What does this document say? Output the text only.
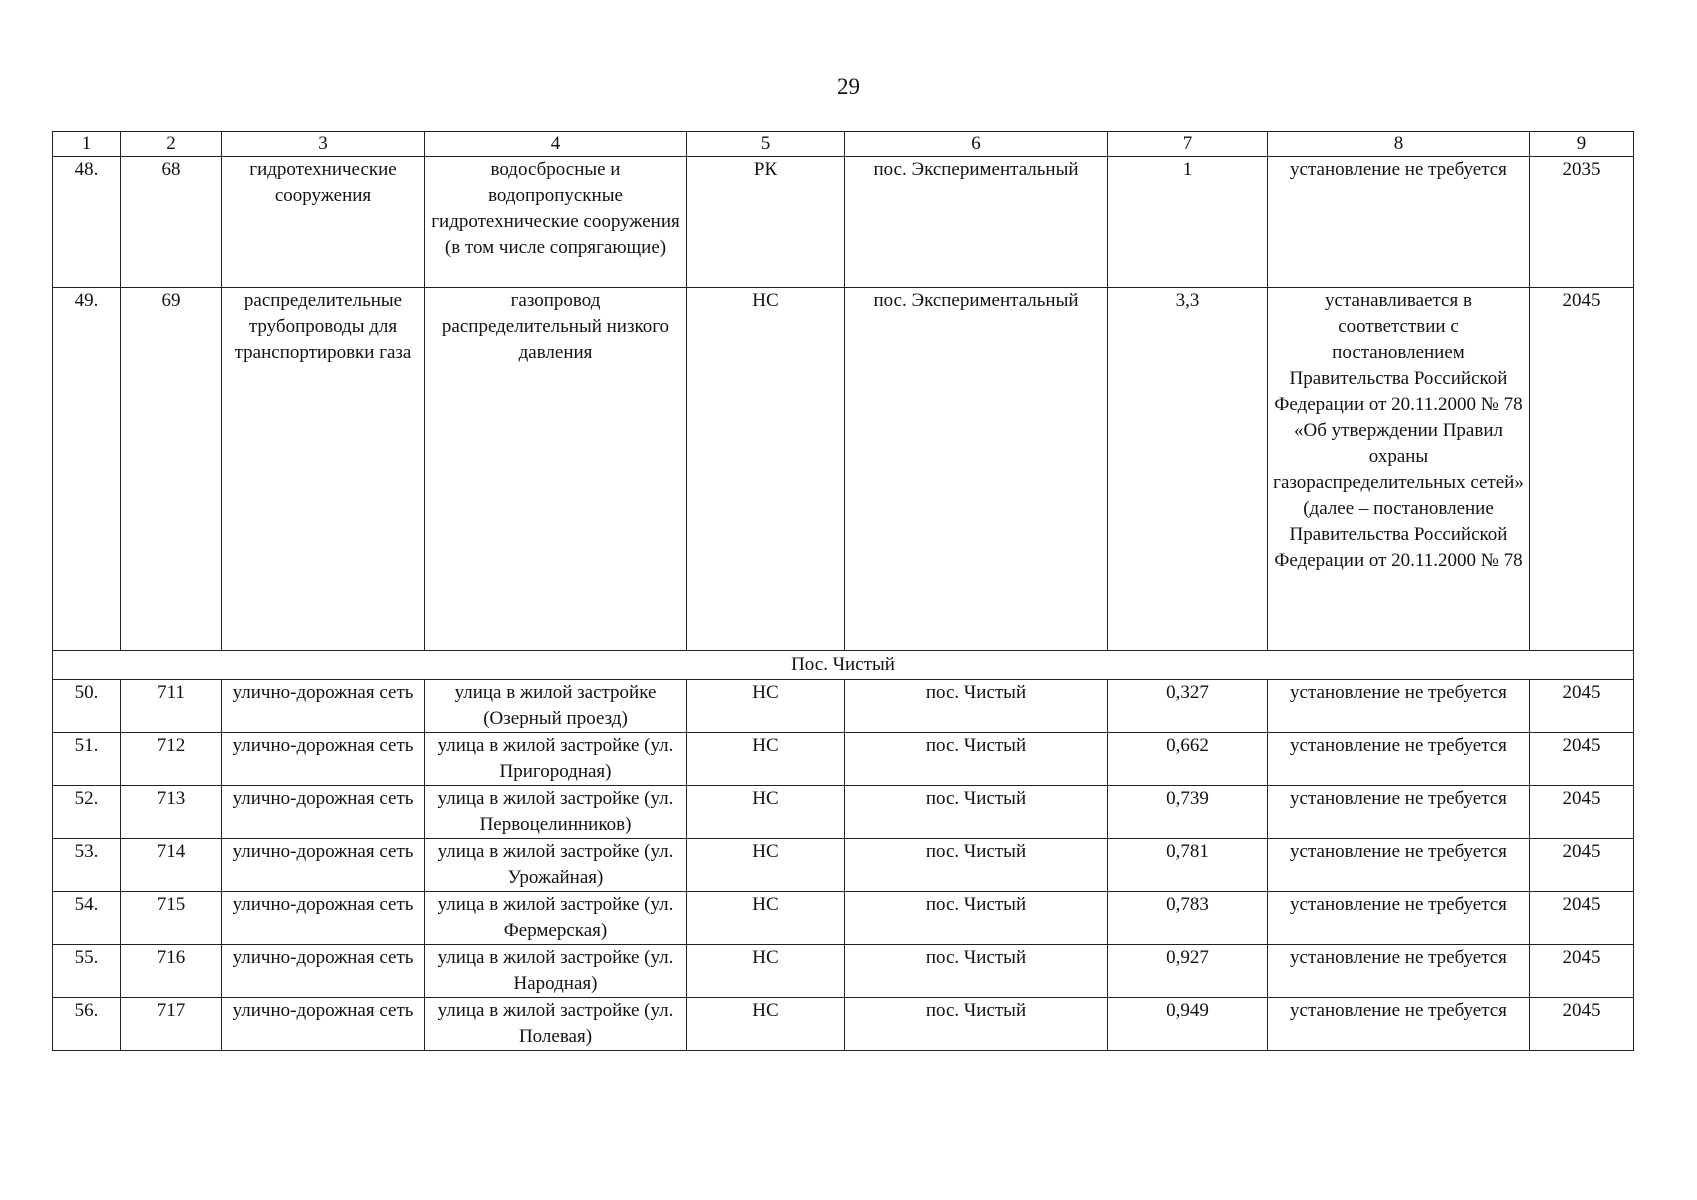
29
1	2	3	4	5	6	7	8	9
48.	68	гидротехнические сооружения	водосбросные и водопропускные гидротехнические сооружения (в том числе сопрягающие)	РК	пос. Экспериментальный	1	установление не требуется	2035
49.	69	распределительные трубопроводы для транспортировки газа	газопровод распределительный низкого давления	НС	пос. Экспериментальный	3,3	устанавливается в соответствии с постановлением Правительства Российской Федерации от 20.11.2000 № 78 «Об утверждении Правил охраны газораспределительных сетей» (далее – постановление Правительства Российской Федерации от 20.11.2000 № 78	2045
Пос. Чистый								
50.	711	улично-дорожная сеть	улица в жилой застройке (Озерный проезд)	НС	пос. Чистый	0,327	установление не требуется	2045
51.	712	улично-дорожная сеть	улица в жилой застройке (ул. Пригородная)	НС	пос. Чистый	0,662	установление не требуется	2045
52.	713	улично-дорожная сеть	улица в жилой застройке (ул. Первоцелинников)	НС	пос. Чистый	0,739	установление не требуется	2045
53.	714	улично-дорожная сеть	улица в жилой застройке (ул. Урожайная)	НС	пос. Чистый	0,781	установление не требуется	2045
54.	715	улично-дорожная сеть	улица в жилой застройке (ул. Фермерская)	НС	пос. Чистый	0,783	установление не требуется	2045
55.	716	улично-дорожная сеть	улица в жилой застройке (ул. Народная)	НС	пос. Чистый	0,927	установление не требуется	2045
56.	717	улично-дорожная сеть	улица в жилой застройке (ул. Полевая)	НС	пос. Чистый	0,949	установление не требуется	2045
